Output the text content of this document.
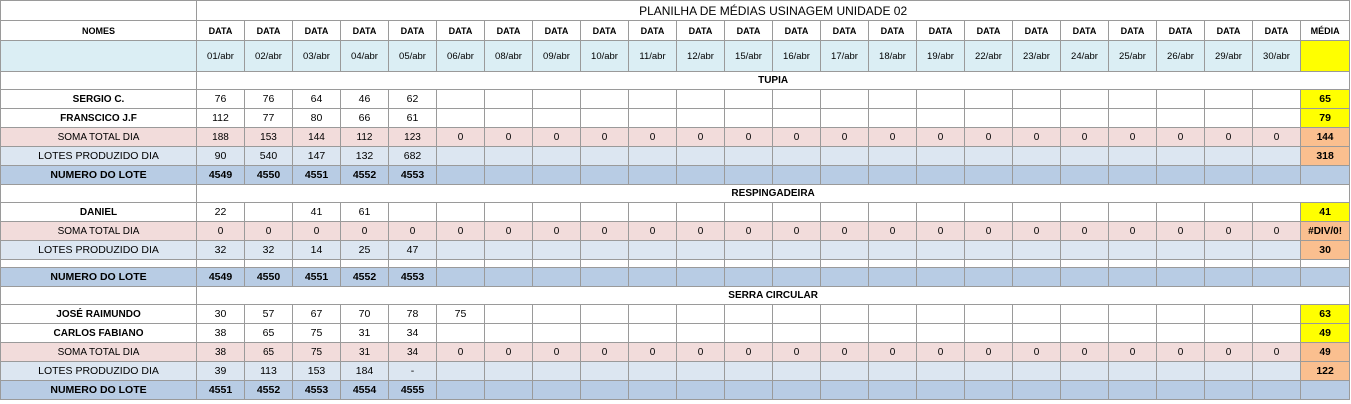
	PLANILHA DE MÉDIAS USINAGEM UNIDADE 02																							
NOMES	DATA	DATA	DATA	DATA	DATA	DATA	DATA	DATA	DATA	DATA	DATA	DATA	DATA	DATA	DATA	DATA	DATA	DATA	DATA	DATA	DATA	DATA	DATA	MÉDIA
	01/abr	02/abr	03/abr	04/abr	05/abr	06/abr	08/abr	09/abr	10/abr	11/abr	12/abr	15/abr	16/abr	17/abr	18/abr	19/abr	22/abr	23/abr	24/abr	25/abr	26/abr	29/abr	30/abr	
	TUPIA																							
SERGIO C.	76	76	64	46	62																			65
FRANSCICO J.F	112	77	80	66	61																			79
SOMA TOTAL DIA	188	153	144	112	123	0	0	0	0	0	0	0	0	0	0	0	0	0	0	0	0	0	0	144
LOTES PRODUZIDO DIA	90	540	147	132	682																			318
NUMERO DO LOTE	4549	4550	4551	4552	4553																			
	RESPINGADEIRA																							
DANIEL	22		41	61																				41
SOMA TOTAL DIA	0	0	0	0	0	0	0	0	0	0	0	0	0	0	0	0	0	0	0	0	0	0	0	#DIV/0!
LOTES PRODUZIDO DIA	32	32	14	25	47																			30

NUMERO DO LOTE	4549	4550	4551	4552	4553																			
	SERRA CIRCULAR																							
JOSÉ RAIMUNDO	30	57	67	70	78	75																		63
CARLOS FABIANO	38	65	75	31	34																			49
SOMA TOTAL DIA	38	65	75	31	34	0	0	0	0	0	0	0	0	0	0	0	0	0	0	0	0	0	0	49
LOTES PRODUZIDO DIA	39	113	153	184	-																			122
NUMERO DO LOTE	4551	4552	4553	4554	4555																			
